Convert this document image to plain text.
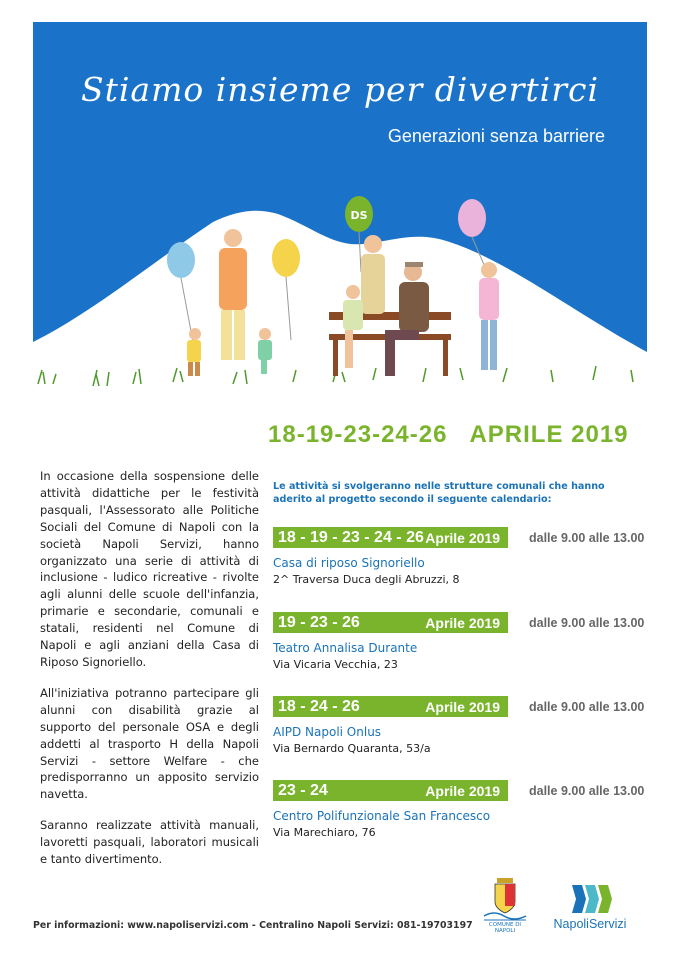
DS
Stiamo insieme per divertirci
Generazioni senza barriere
18-19-23-24-26 APRILE 2019

In occasione della sospensione delle attività didattiche per le festività pasquali, l'Assessorato alle Politiche Sociali del Comune di Napoli con la società Napoli Servizi, hanno organizzato una serie di attività di inclusione - ludico ricreative - rivolte agli alunni delle scuole dell'infanzia, primarie e secondarie, comunali e statali, residenti nel Comune di Napoli e agli anziani della Casa di Riposo Signoriello.

All'iniziativa potranno partecipare gli alunni con disabilità grazie al supporto del personale OSA e degli addetti al trasporto H della Napoli Servizi - settore Welfare - che predisporranno un apposito servizio navetta.

Saranno realizzate attività manuali, lavoretti pasquali, laboratori musicali e tanto divertimento.

Le attività si svolgeranno nelle strutture comunali che hanno aderito al progetto secondo il seguente calendario:
18 - 19 - 23 - 24 - 26 Aprile 2019 dalle 9.00 alle 13.00
Casa di riposo Signoriello
2^ Traversa Duca degli Abruzzi, 8
19 - 23 - 26	Aprile 2019 dalle 9.00 alle 13.00
Teatro Annalisa Durante
Via Vicaria Vecchia, 23
18 - 24 - 26	Aprile 2019 dalle 9.00 alle 13.00
AIPD Napoli Onlus
Via Bernardo Quaranta, 53/a
23 - 24	Aprile 2019 dalle 9.00 alle 13.00
Centro Polifunzionale San Francesco
Via Marechiaro, 76
Per informazioni: www.napoliservizi.com - Centralino Napoli Servizi: 081-19703197	COMUNE DI NAPOLI	NapoliServizi
